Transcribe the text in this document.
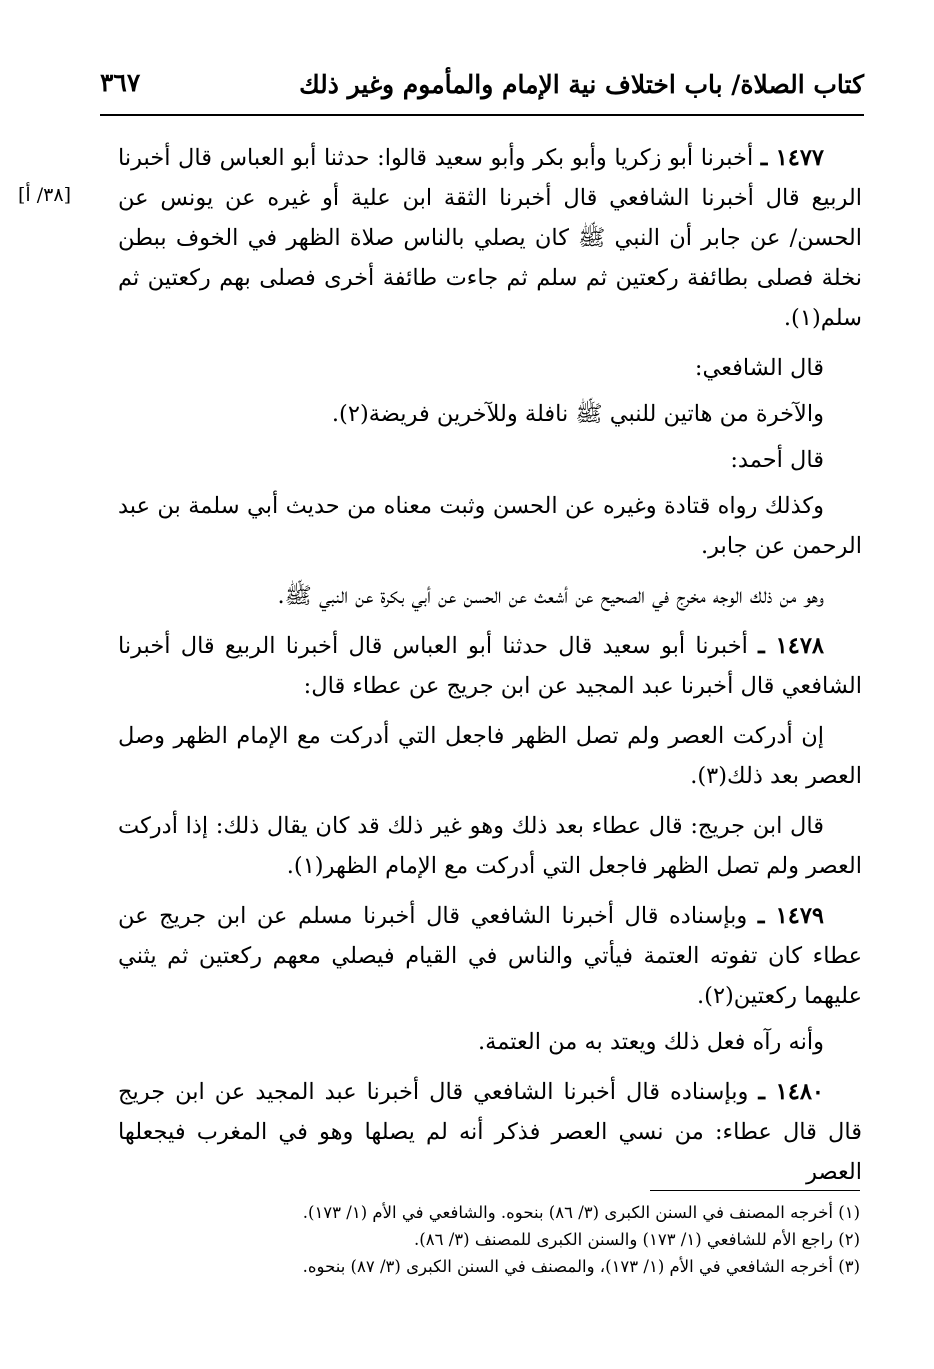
كتاب الصلاة/ باب اختلاف نية الإمام والمأموم وغير ذلك
٣٦٧
[٣٨/ أ]

١٤٧٧ ـ أخبرنا أبو زكريا وأبو بكر وأبو سعيد قالوا: حدثنا أبو العباس قال أخبرنا الربيع قال أخبرنا الشافعي قال أخبرنا الثقة ابن علية أو غيره عن يونس عن الحسن/ عن جابر أن النبي ﷺ كان يصلي بالناس صلاة الظهر في الخوف ببطن نخلة فصلى بطائفة ركعتين ثم سلم ثم جاءت طائفة أخرى فصلى بهم ركعتين ثم سلم(١).

قال الشافعي:

والآخرة من هاتين للنبي ﷺ نافلة وللآخرين فريضة(٢).

قال أحمد:

وكذلك رواه قتادة وغيره عن الحسن وثبت معناه من حديث أبي سلمة بن عبد الرحمن عن جابر.

وهو من ذلك الوجه مخرج في الصحيح عن أشعث عن الحسن عن أبي بكرة عن النبي ﷺ.

١٤٧٨ ـ أخبرنا أبو سعيد قال حدثنا أبو العباس قال أخبرنا الربيع قال أخبرنا الشافعي قال أخبرنا عبد المجيد عن ابن جريج عن عطاء قال:

إن أدركت العصر ولم تصل الظهر فاجعل التي أدركت مع الإمام الظهر وصل العصر بعد ذلك(٣).

قال ابن جريج: قال عطاء بعد ذلك وهو غير ذلك قد كان يقال ذلك: إذا أدركت العصر ولم تصل الظهر فاجعل التي أدركت مع الإمام الظهر(١).

١٤٧٩ ـ وبإسناده قال أخبرنا الشافعي قال أخبرنا مسلم عن ابن جريج عن عطاء كان تفوته العتمة فيأتي والناس في القيام فيصلي معهم ركعتين ثم يثني عليهما ركعتين(٢).

وأنه رآه فعل ذلك ويعتد به من العتمة.

١٤٨٠ ـ وبإسناده قال أخبرنا الشافعي قال أخبرنا عبد المجيد عن ابن جريج قال قال عطاء: من نسي العصر فذكر أنه لم يصلها وهو في المغرب فيجعلها العصر

(١) أخرجه المصنف في السنن الكبرى (٣/ ٨٦) بنحوه. والشافعي في الأم (١/ ١٧٣).

(٢) راجع الأم للشافعي (١/ ١٧٣) والسنن الكبرى للمصنف (٣/ ٨٦).

(٣) أخرجه الشافعي في الأم (١/ ١٧٣)، والمصنف في السنن الكبرى (٣/ ٨٧) بنحوه.
